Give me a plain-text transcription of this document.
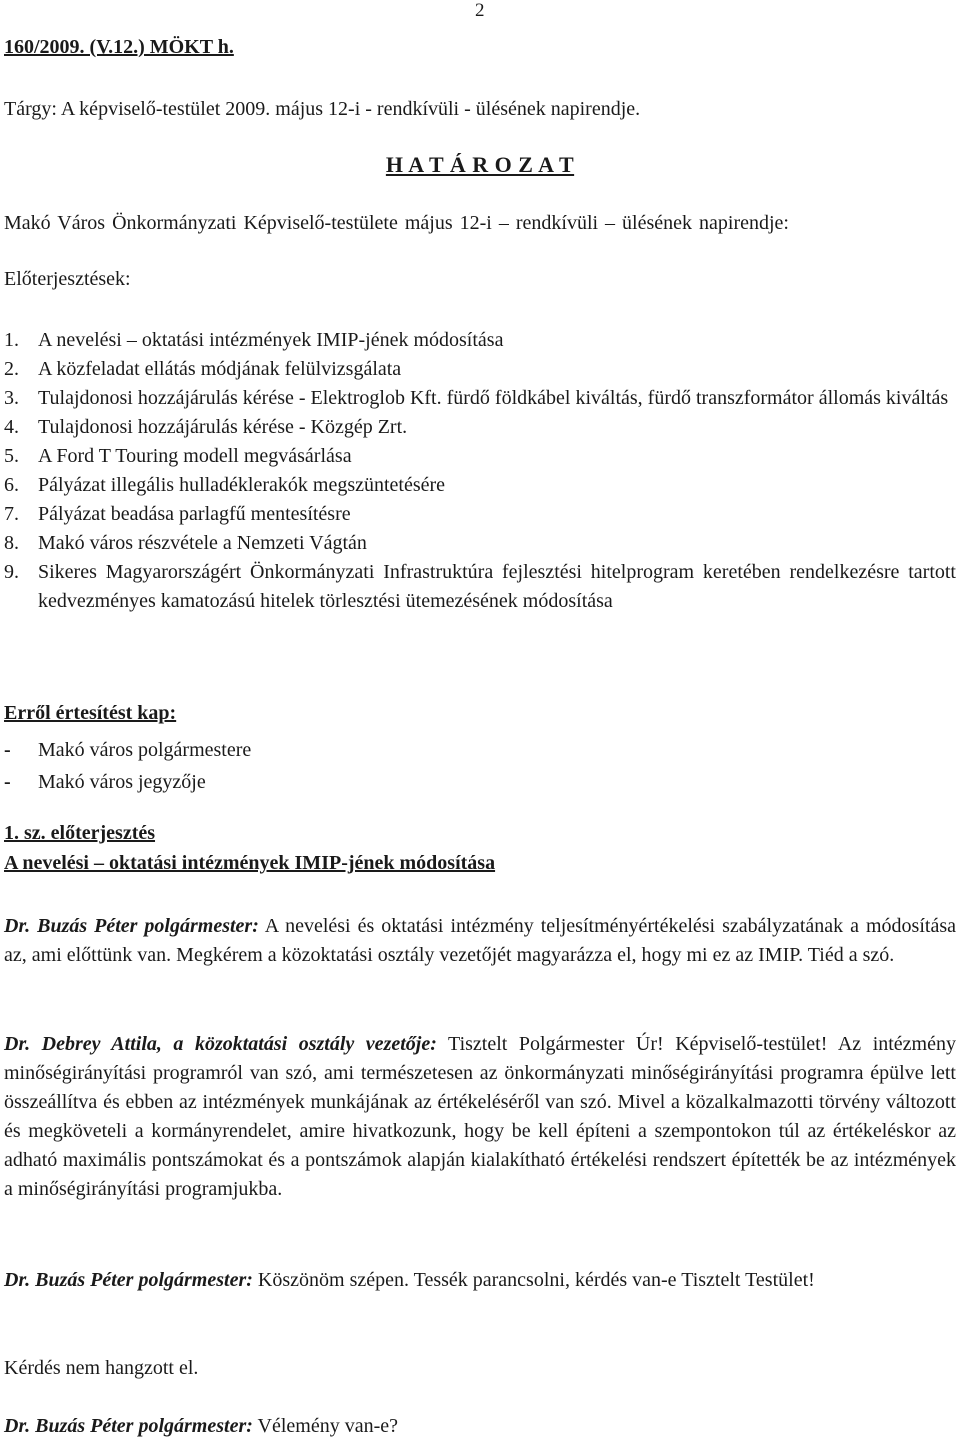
2
160/2009. (V.12.) MÖKT h.
Tárgy: A képviselő-testület 2009. május 12-i - rendkívüli - ülésének napirendje.
H A T Á R O Z A T
Makó Város Önkormányzati Képviselő-testülete május 12-i – rendkívüli – ülésének napirendje:
Előterjesztések:
1. A nevelési – oktatási intézmények IMIP-jének módosítása
2. A közfeladat ellátás módjának felülvizsgálata
3. Tulajdonosi hozzájárulás kérése - Elektroglob Kft. fürdő földkábel kiváltás, fürdő transzformátor állomás kiváltás
4. Tulajdonosi hozzájárulás kérése - Közgép Zrt.
5. A Ford T Touring modell megvásárlása
6. Pályázat illegális hulladéklerakók megszüntetésére
7. Pályázat beadása parlagfű mentesítésre
8. Makó város részvétele a Nemzeti Vágtán
9. Sikeres Magyarországért Önkormányzati Infrastruktúra fejlesztési hitelprogram keretében rendelkezésre tartott kedvezményes kamatozású hitelek törlesztési ütemezésének módosítása
Erről értesítést kap:
- Makó város polgármestere
- Makó város jegyzője
1. sz. előterjesztés
A nevelési – oktatási intézmények IMIP-jének módosítása

Dr. Buzás Péter polgármester: A nevelési és oktatási intézmény teljesítményértékelési szabályzatának a módosítása az, ami előttünk van. Megkérem a közoktatási osztály vezetőjét magyarázza el, hogy mi ez az IMIP. Tiéd a szó.

Dr. Debrey Attila, a közoktatási osztály vezetője: Tisztelt Polgármester Úr! Képviselő-testület! Az intézmény minőségirányítási programról van szó, ami természetesen az önkormányzati minőségirányítási programra épülve lett összeállítva és ebben az intézmények munkájának az értékeléséről van szó. Mivel a közalkalmazotti törvény változott és megköveteli a kormányrendelet, amire hivatkozunk, hogy be kell építeni a szempontokon túl az értékeléskor az adható maximális pontszámokat és a pontszámok alapján kialakítható értékelési rendszert építették be az intézmények a minőségirányítási programjukba.

Dr. Buzás Péter polgármester: Köszönöm szépen. Tessék parancsolni, kérdés van-e Tisztelt Testület!

Kérdés nem hangzott el.

Dr. Buzás Péter polgármester: Vélemény van-e?
